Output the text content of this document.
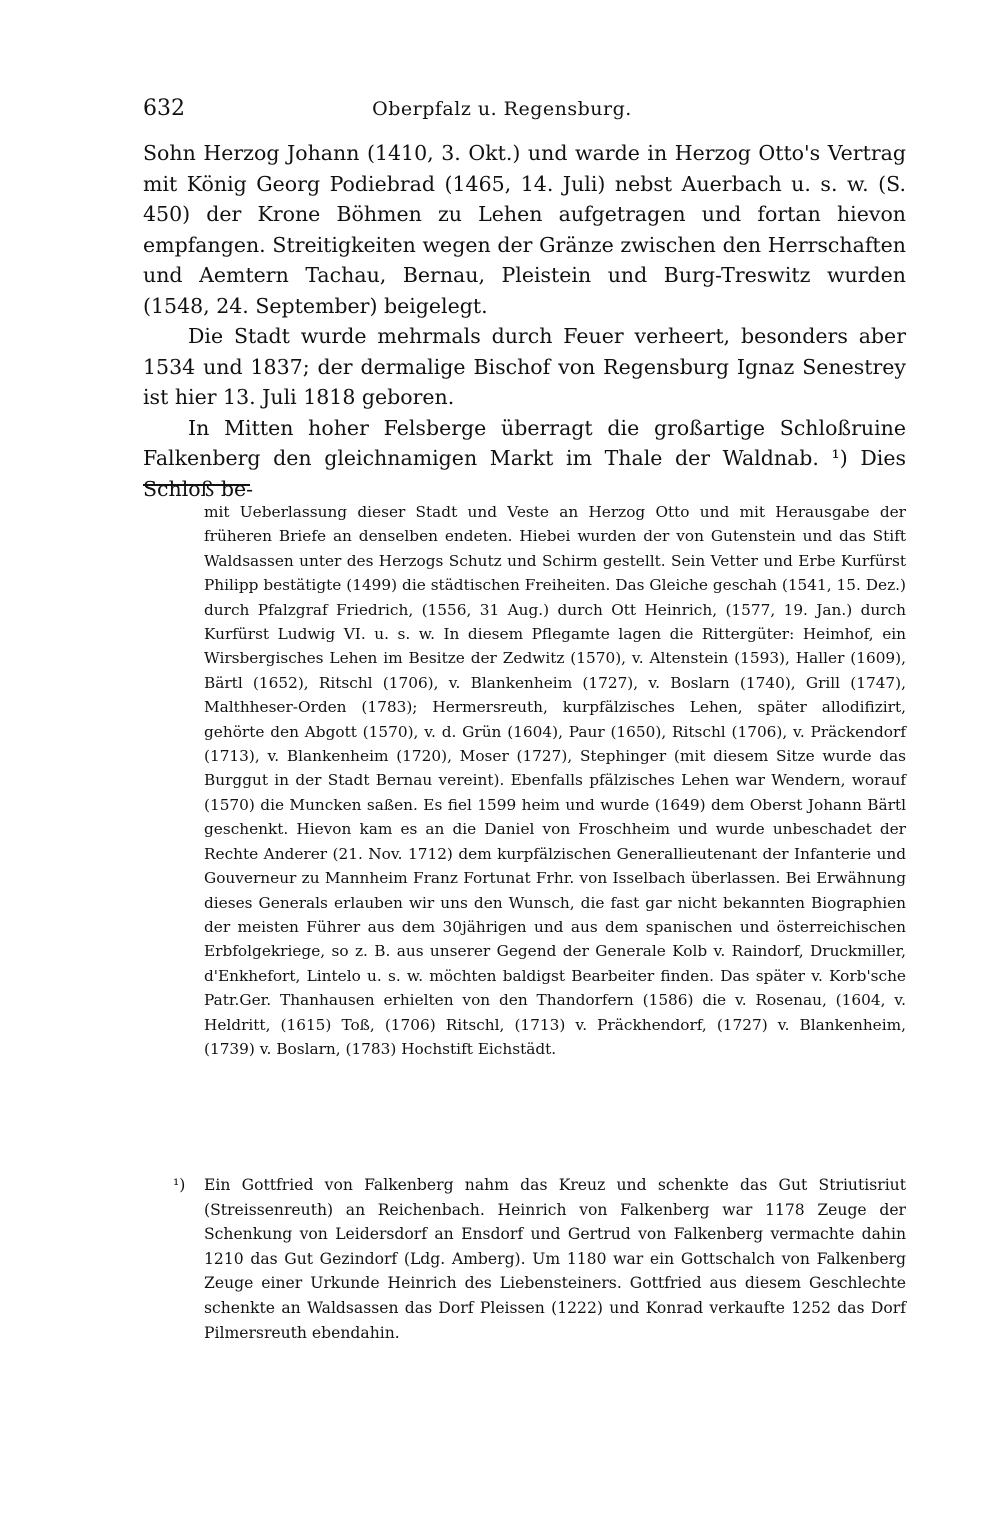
632	Oberpfalz u. Regensburg.

Sohn Herzog Johann (1410, 3. Okt.) und warde in Herzog Otto's Vertrag mit König Georg Podiebrad (1465, 14. Juli) nebst Auerbach u. s. w. (S. 450) der Krone Böhmen zu Lehen aufgetragen und fortan hievon empfangen. Streitigkeiten wegen der Gränze zwischen den Herrschaften und Aemtern Tachau, Bernau, Pleistein und Burg-Treswitz wurden (1548, 24. September) beigelegt.

Die Stadt wurde mehrmals durch Feuer verheert, besonders aber 1534 und 1837; der dermalige Bischof von Regensburg Ignaz Senestrey ist hier 13. Juli 1818 geboren.

In Mitten hoher Felsberge überragt die großartige Schloßruine Falkenberg den gleichnamigen Markt im Thale der Waldnab. ¹) Dies Schloß be-

mit Ueberlassung dieser Stadt und Veste an Herzog Otto und mit Herausgabe der früheren Briefe an denselben endeten. Hiebei wurden der von Gutenstein und das Stift Waldsassen unter des Herzogs Schutz und Schirm gestellt. Sein Vetter und Erbe Kurfürst Philipp bestätigte (1499) die städtischen Freiheiten. Das Gleiche geschah (1541, 15. Dez.) durch Pfalzgraf Friedrich, (1556, 31 Aug.) durch Ott Heinrich, (1577, 19. Jan.) durch Kurfürst Ludwig VI. u. s. w. In diesem Pflegamte lagen die Rittergüter: Heimhof, ein Wirsbergisches Lehen im Besitze der Zedwitz (1570), v. Altenstein (1593), Haller (1609), Bärtl (1652), Ritschl (1706), v. Blankenheim (1727), v. Boslarn (1740), Grill (1747), Malthheser-Orden (1783); Hermersreuth, kurpfälzisches Lehen, später allodifizirt, gehörte den Abgott (1570), v. d. Grün (1604), Paur (1650), Ritschl (1706), v. Präckendorf (1713), v. Blankenheim (1720), Moser (1727), Stephinger (mit diesem Sitze wurde das Burggut in der Stadt Bernau vereint). Ebenfalls pfälzisches Lehen war Wendern, worauf (1570) die Muncken saßen. Es fiel 1599 heim und wurde (1649) dem Oberst Johann Bärtl geschenkt. Hievon kam es an die Daniel von Froschheim und wurde unbeschadet der Rechte Anderer (21. Nov. 1712) dem kurpfälzischen Generallieutenant der Infanterie und Gouverneur zu Mannheim Franz Fortunat Frhr. von Isselbach überlassen. Bei Erwähnung dieses Generals erlauben wir uns den Wunsch, die fast gar nicht bekannten Biographien der meisten Führer aus dem 30jährigen und aus dem spanischen und österreichischen Erbfolgekriege, so z. B. aus unserer Gegend der Generale Kolb v. Raindorf, Druckmiller, d'Enkhefort, Lintelo u. s. w. möchten baldigst Bearbeiter finden. Das später v. Korb'sche Patr.Ger. Thanhausen erhielten von den Thandorfern (1586) die v. Rosenau, (1604, v. Heldritt, (1615) Toß, (1706) Ritschl, (1713) v. Präckhendorf, (1727) v. Blankenheim, (1739) v. Boslarn, (1783) Hochstift Eichstädt.

¹)	Ein Gottfried von Falkenberg nahm das Kreuz und schenkte das Gut Striutisriut (Streissenreuth) an Reichenbach. Heinrich von Falkenberg war 1178 Zeuge der Schenkung von Leidersdorf an Ensdorf und Gertrud von Falkenberg vermachte dahin 1210 das Gut Gezindorf (Ldg. Amberg). Um 1180 war ein Gottschalch von Falkenberg Zeuge einer Urkunde Heinrich des Liebensteiners. Gottfried aus diesem Geschlechte schenkte an Waldsassen das Dorf Pleissen (1222) und Konrad verkaufte 1252 das Dorf Pilmersreuth ebendahin.
